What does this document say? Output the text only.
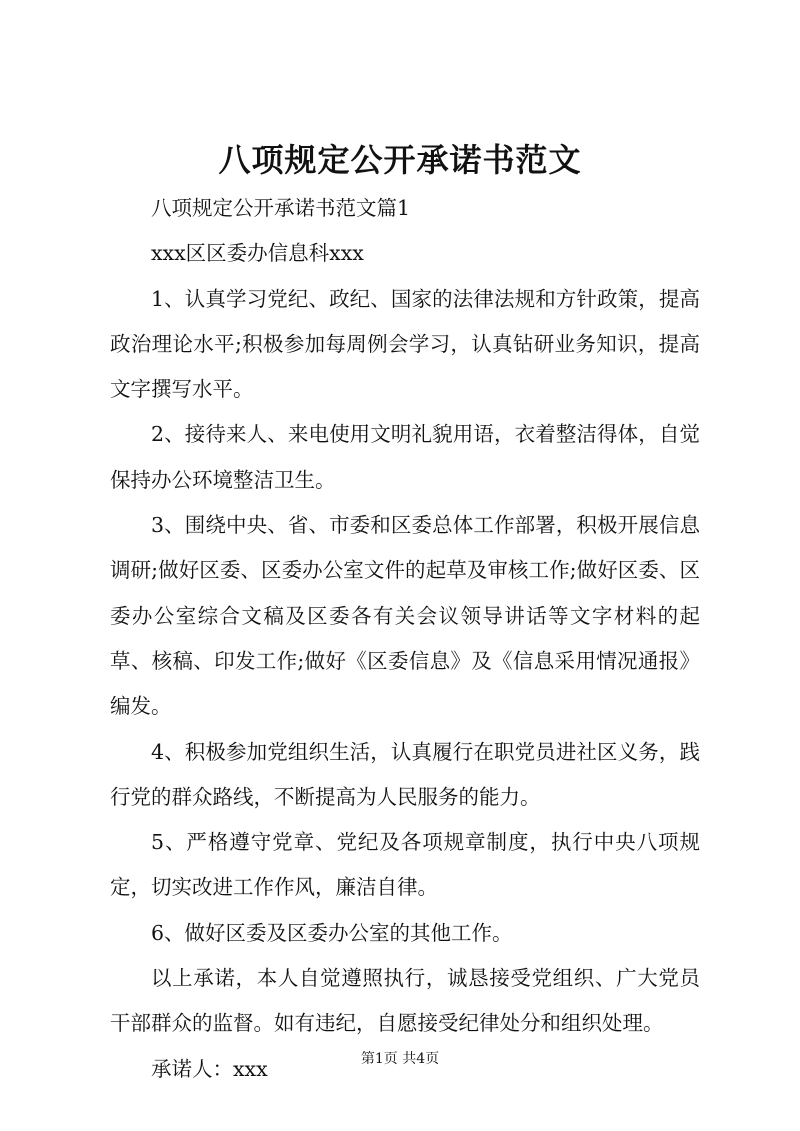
八项规定公开承诺书范文

八项规定公开承诺书范文篇1

xxx区区委办信息科xxx

1、认真学习党纪、政纪、国家的法律法规和方针政策，提高政治理论水平;积极参加每周例会学习，认真钻研业务知识，提高文字撰写水平。

2、接待来人、来电使用文明礼貌用语，衣着整洁得体，自觉保持办公环境整洁卫生。

3、围绕中央、省、市委和区委总体工作部署，积极开展信息调研;做好区委、区委办公室文件的起草及审核工作;做好区委、区委办公室综合文稿及区委各有关会议领导讲话等文字材料的起草、核稿、印发工作;做好《区委信息》及《信息采用情况通报》编发。

4、积极参加党组织生活，认真履行在职党员进社区义务，践行党的群众路线，不断提高为人民服务的能力。

5、严格遵守党章、党纪及各项规章制度，执行中央八项规定，切实改进工作作风，廉洁自律。

6、做好区委及区委办公室的其他工作。

以上承诺，本人自觉遵照执行，诚恳接受党组织、广大党员干部群众的监督。如有违纪，自愿接受纪律处分和组织处理。

承诺人：xxx	第1页 共4页
